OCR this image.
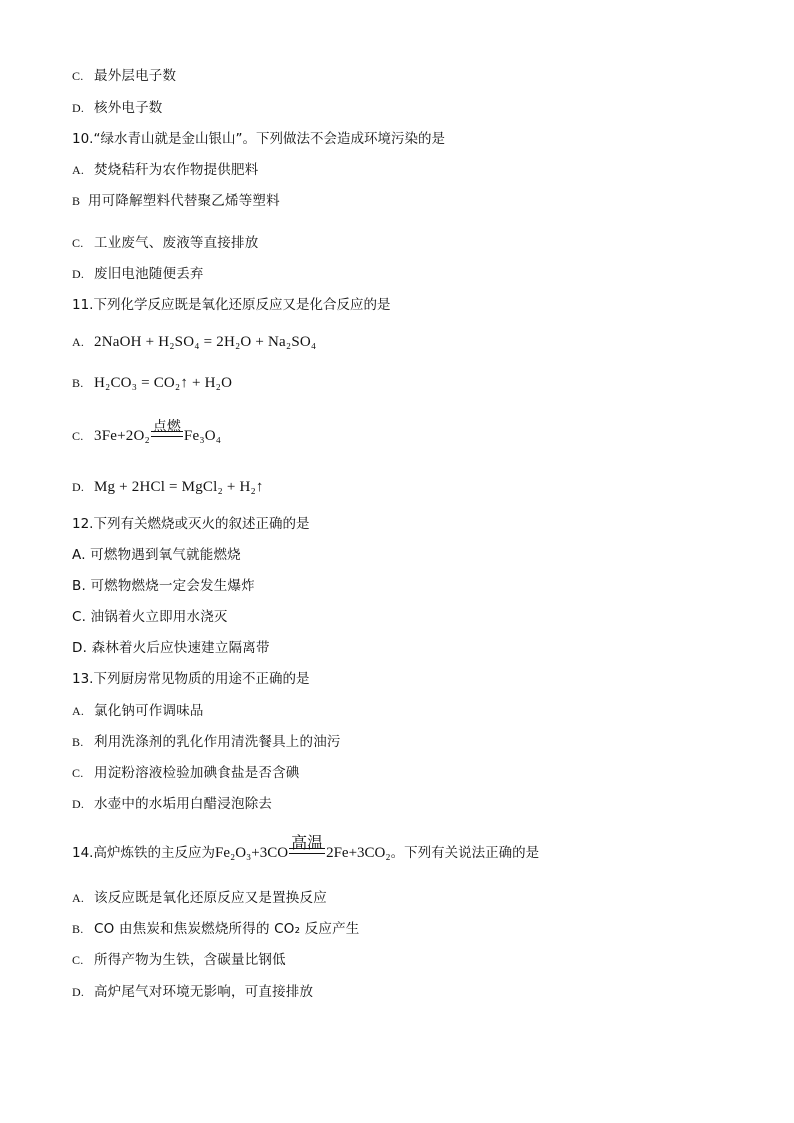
C. 最外层电子数
D. 核外电子数
10.“绿水青山就是金山银山”。下列做法不会造成环境污染的是
A. 焚烧秸秆为农作物提供肥料
B 用可降解塑料代替聚乙烯等塑料
C. 工业废气、废液等直接排放
D. 废旧电池随便丢弃
11.下列化学反应既是氧化还原反应又是化合反应的是
A. 2NaOH + H₂SO₄ = 2H₂O + Na₂SO₄
B. H₂CO₃ = CO₂↑ + H₂O
C. 3Fe+2O₂
点燃
Fe₃O₄
D. Mg + 2HCl = MgCl₂ + H₂↑
12.下列有关燃烧或灭火的叙述正确的是
A. 可燃物遇到氧气就能燃烧
B. 可燃物燃烧一定会发生爆炸
C. 油锅着火立即用水浇灭
D. 森林着火后应快速建立隔离带
13.下列厨房常见物质的用途不正确的是
A. 氯化钠可作调味品
B. 利用洗涤剂的乳化作用清洗餐具上的油污
C. 用淀粉溶液检验加碘食盐是否含碘
D. 水壶中的水垢用白醋浸泡除去
14.高炉炼铁的主反应为Fe₂O₃+3CO
高温
2Fe+3CO₂。下列有关说法正确的是
A. 该反应既是氧化还原反应又是置换反应
B. CO 由焦炭和焦炭燃烧所得的 CO₂ 反应产生
C. 所得产物为生铁，含碳量比钢低
D. 高炉尾气对环境无影响，可直接排放
